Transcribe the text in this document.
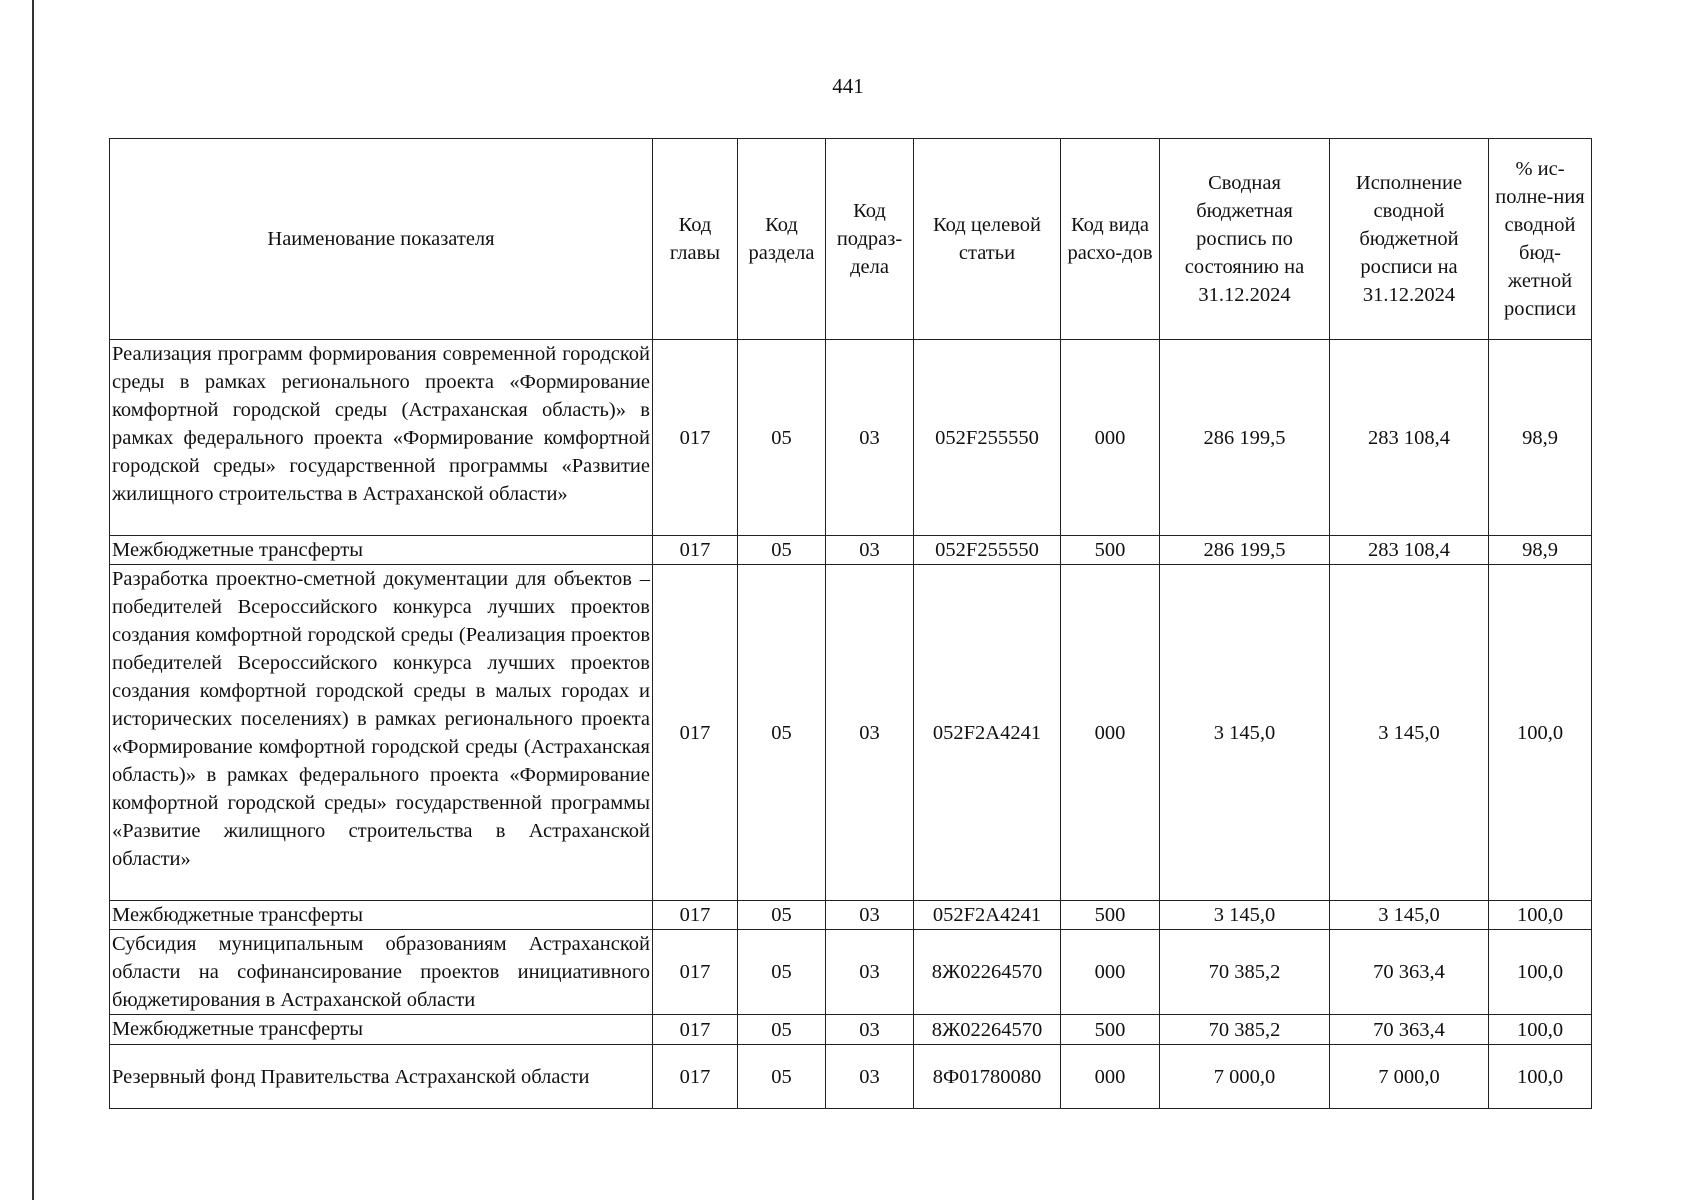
441
Наименование показателя	Код главы	Код раздела	Код подраз-дела	Код целевой статьи	Код вида расхо-дов	Сводная бюджетная роспись по состоянию на 31.12.2024	Исполнение сводной бюджетной росписи на 31.12.2024	% ис-полне-ния сводной бюд-жетной росписи
Реализация программ формирования современной городской среды в рамках регионального проекта «Формирование комфортной городской среды (Астраханская область)» в рамках федерального проекта «Формирование комфортной городской среды» государственной программы «Развитие жилищного строительства в Астраханской области»	017	05	03	052F255550	000	286 199,5	283 108,4	98,9
Межбюджетные трансферты	017	05	03	052F255550	500	286 199,5	283 108,4	98,9
Разработка проектно-сметной документации для объектов – победителей Всероссийского конкурса лучших проектов создания комфортной городской среды (Реализация проектов победителей Всероссийского конкурса лучших проектов создания комфортной городской среды в малых городах и исторических поселениях) в рамках регионального проекта «Формирование комфортной городской среды (Астраханская область)» в рамках федерального проекта «Формирование комфортной городской среды» государственной программы «Развитие жилищного строительства в Астраханской области»	017	05	03	052F2A4241	000	3 145,0	3 145,0	100,0
Межбюджетные трансферты	017	05	03	052F2A4241	500	3 145,0	3 145,0	100,0
Субсидия муниципальным образованиям Астраханской области на софинансирование проектов инициативного бюджетирования в Астраханской области	017	05	03	8Ж02264570	000	70 385,2	70 363,4	100,0
Межбюджетные трансферты	017	05	03	8Ж02264570	500	70 385,2	70 363,4	100,0
Резервный фонд Правительства Астраханской области	017	05	03	8Ф01780080	000	7 000,0	7 000,0	100,0
